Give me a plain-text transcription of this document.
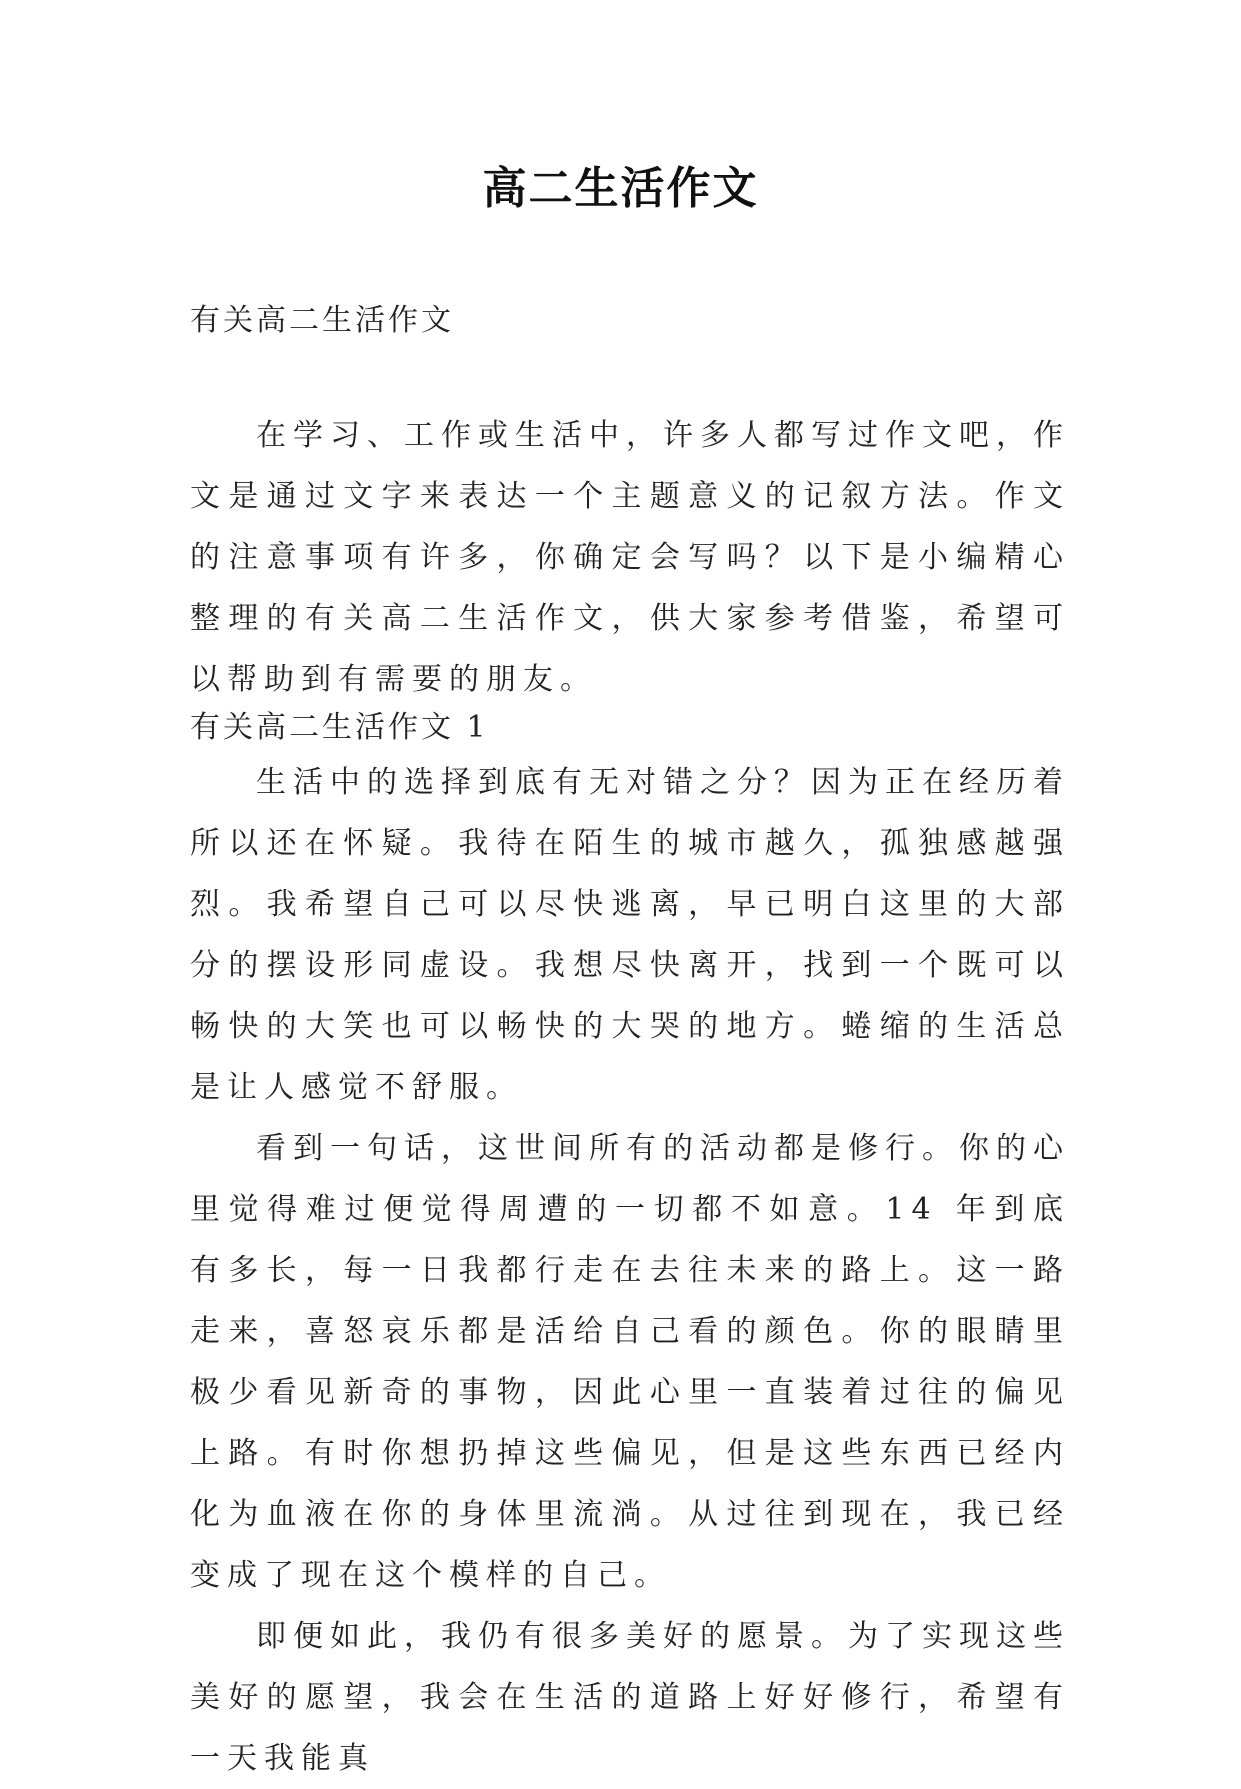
高二生活作文

有关高二生活作文

在学习、工作或生活中，许多人都写过作文吧，作文是通过文字来表达一个主题意义的记叙方法。作文的注意事项有许多，你确定会写吗？以下是小编精心整理的有关高二生活作文，供大家参考借鉴，希望可以帮助到有需要的朋友。

有关高二生活作文 1

生活中的选择到底有无对错之分？因为正在经历着所以还在怀疑。我待在陌生的城市越久，孤独感越强烈。我希望自己可以尽快逃离，早已明白这里的大部分的摆设形同虚设。我想尽快离开，找到一个既可以畅快的大笑也可以畅快的大哭的地方。蜷缩的生活总是让人感觉不舒服。

看到一句话，这世间所有的活动都是修行。你的心里觉得难过便觉得周遭的一切都不如意。14 年到底有多长，每一日我都行走在去往未来的路上。这一路走来，喜怒哀乐都是活给自己看的颜色。你的眼睛里极少看见新奇的事物，因此心里一直装着过往的偏见上路。有时你想扔掉这些偏见，但是这些东西已经内化为血液在你的身体里流淌。从过往到现在，我已经变成了现在这个模样的自己。

即便如此，我仍有很多美好的愿景。为了实现这些美好的愿望，我会在生活的道路上好好修行，希望有一天我能真
